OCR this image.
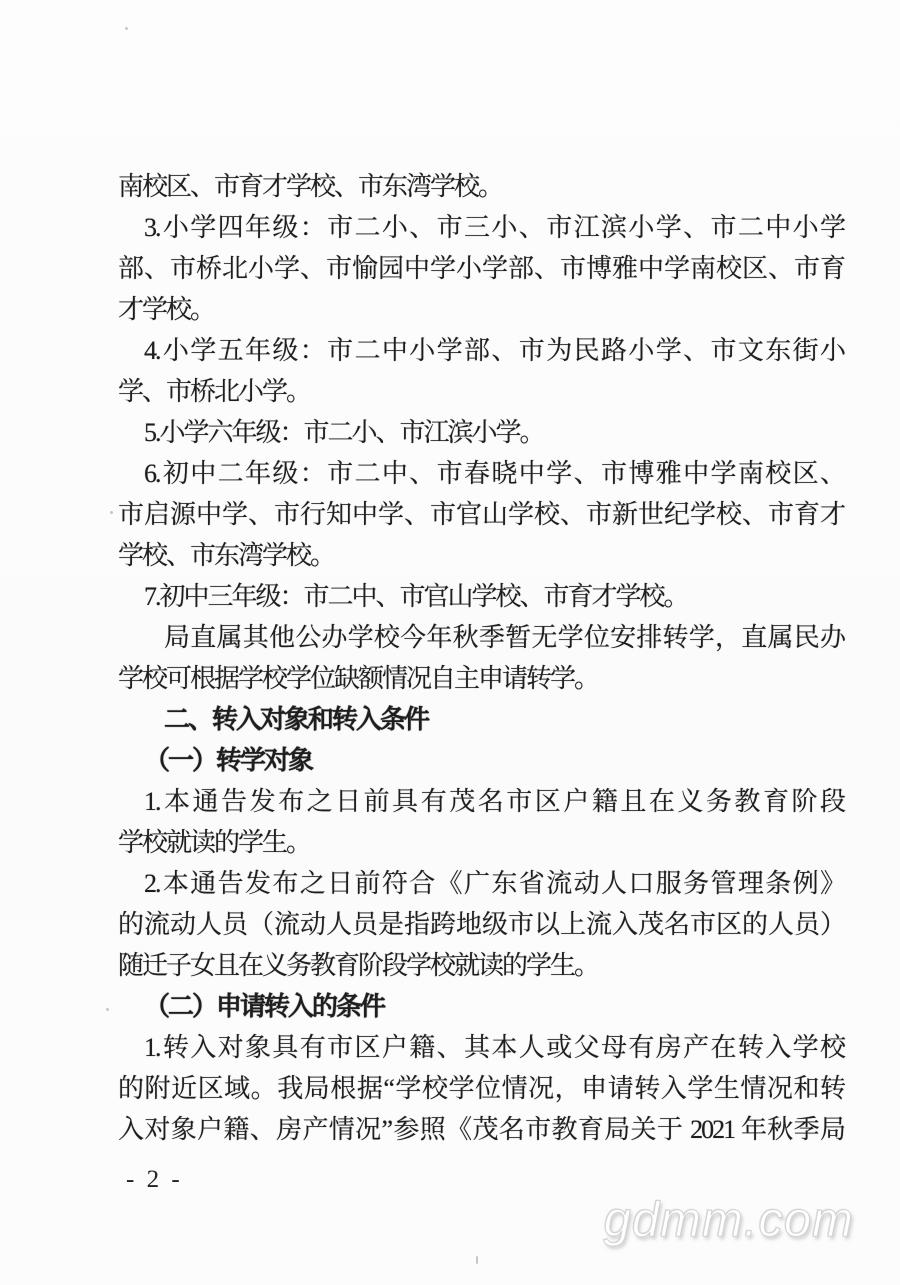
南校区、市育才学校、市东湾学校。
3.小学四年级：市二小、市三小、市江滨小学、市二中小学
部、市桥北小学、市愉园中学小学部、市博雅中学南校区、市育
才学校。
4.小学五年级：市二中小学部、市为民路小学、市文东街小
学、市桥北小学。
5.小学六年级：市二小、市江滨小学。
6.初中二年级：市二中、市春晓中学、市博雅中学南校区、
市启源中学、市行知中学、市官山学校、市新世纪学校、市育才
学校、市东湾学校。
7.初中三年级：市二中、市官山学校、市育才学校。
局直属其他公办学校今年秋季暂无学位安排转学，直属民办
学校可根据学校学位缺额情况自主申请转学。
二、转入对象和转入条件
（一）转学对象
1.本通告发布之日前具有茂名市区户籍且在义务教育阶段
学校就读的学生。
2.本通告发布之日前符合《广东省流动人口服务管理条例》
的流动人员（流动人员是指跨地级市以上流入茂名市区的人员）
随迁子女且在义务教育阶段学校就读的学生。
（二）申请转入的条件
1.转入对象具有市区户籍、其本人或父母有房产在转入学校
的附近区域。我局根据“学校学位情况，申请转入学生情况和转
入对象户籍、房产情况”参照《茂名市教育局关于 2021 年秋季局
- 2 -
gdmm.com
